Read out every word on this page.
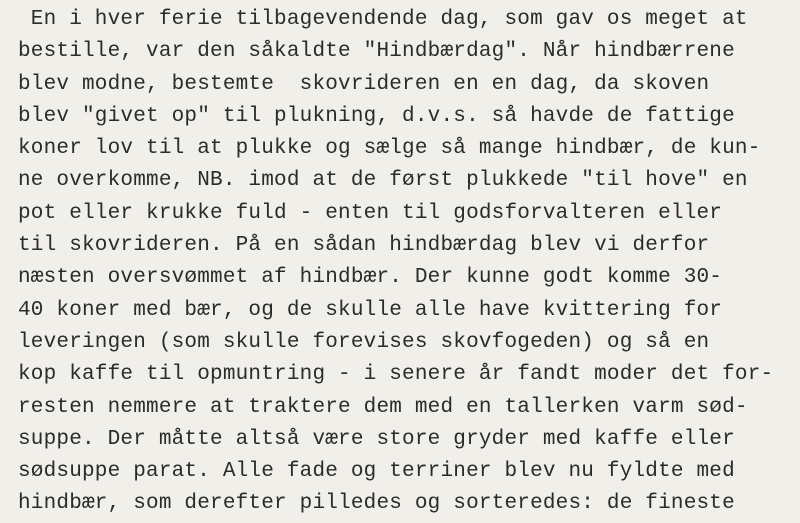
En i hver ferie tilbagevendende dag, som gav os meget at
bestille, var den såkaldte "Hindbærdag". Når hindbærrene
blev modne, bestemte  skovrideren en en dag, da skoven
blev "givet op" til plukning, d.v.s. så havde de fattige
koner lov til at plukke og sælge så mange hindbær, de kun-
ne overkomme, NB. imod at de først plukkede "til hove" en
pot eller krukke fuld - enten til godsforvalteren eller
til skovrideren. På en sådan hindbærdag blev vi derfor
næsten oversvømmet af hindbær. Der kunne godt komme 30-
40 koner med bær, og de skulle alle have kvittering for
leveringen (som skulle forevises skovfogeden) og så en
kop kaffe til opmuntring - i senere år fandt moder det for-
resten nemmere at traktere dem med en tallerken varm sød-
suppe. Der måtte altså være store gryder med kaffe eller
sødsuppe parat. Alle fade og terriner blev nu fyldte med
hindbær, som derefter pilledes og sorteredes: de fineste
